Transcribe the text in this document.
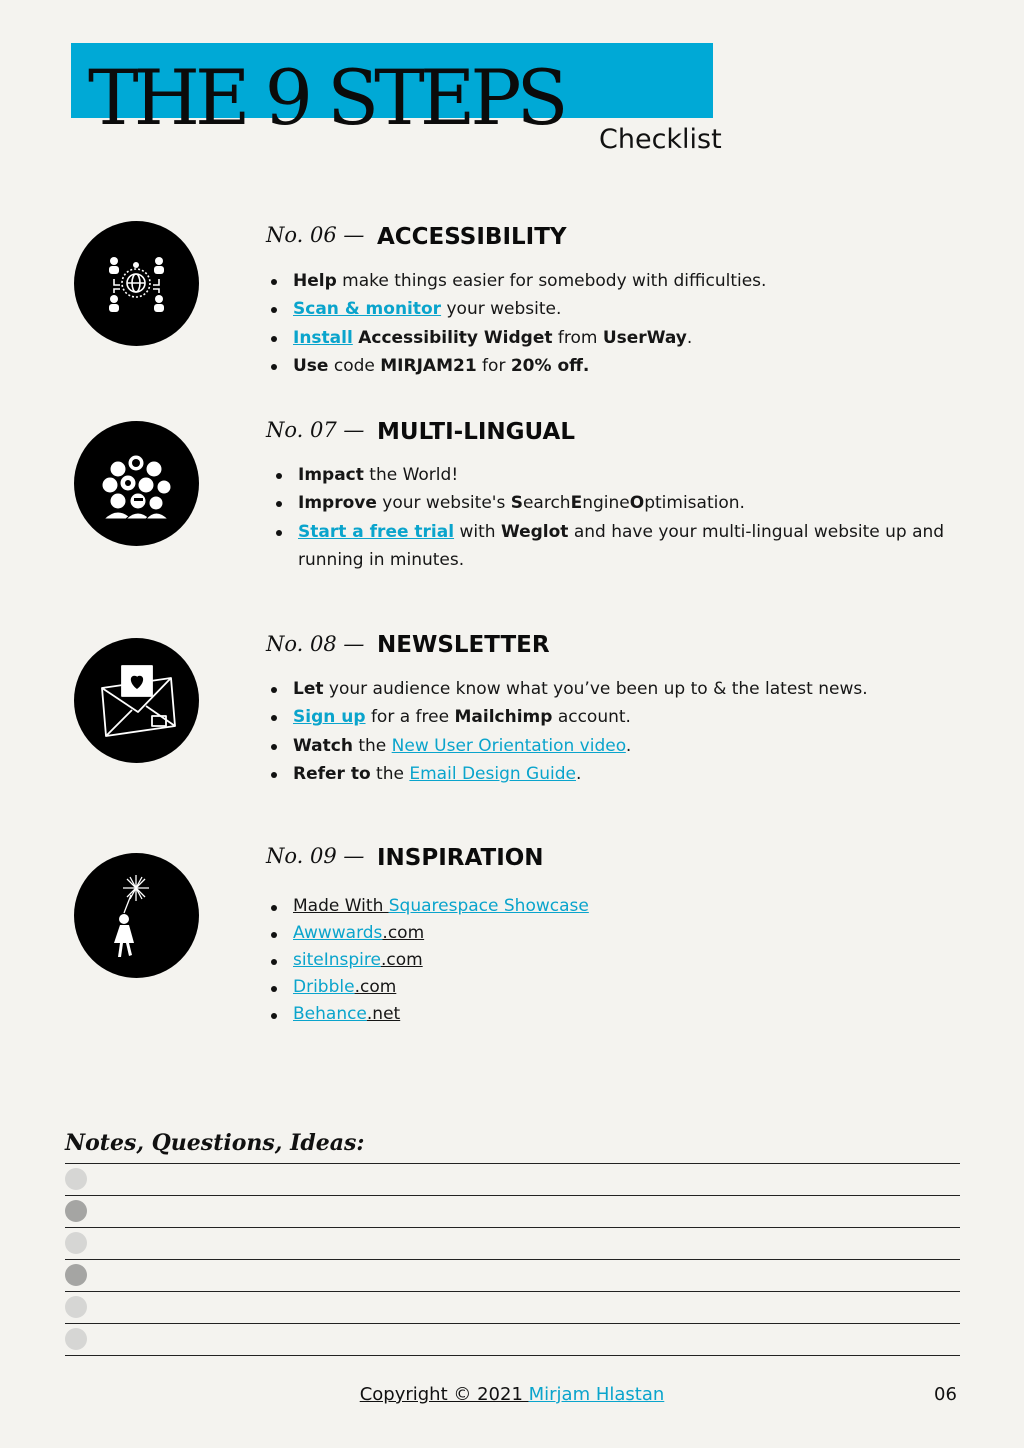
THE 9 STEPS Checklist
No. 06 — ACCESSIBILITY
Help make things easier for somebody with difficulties.
Scan & monitor your website.
Install Accessibility Widget from UserWay.
Use code MIRJAM21 for 20% off.
No. 07 — MULTI-LINGUAL
Impact the World!
Improve your website's SearchEngineOptimisation.
Start a free trial with Weglot and have your multi-lingual website up and running in minutes.
No. 08 — NEWSLETTER
Let your audience know what you’ve been up to & the latest news.
Sign up for a free Mailchimp account.
Watch the New User Orientation video.
Refer to the Email Design Guide.
No. 09 — INSPIRATION
Made With Squarespace Showcase
Awwwards.com
siteInspire.com
Dribble.com
Behance.net
Notes, Questions, Ideas:
Copyright © 2021 Mirjam Hlastan	06
